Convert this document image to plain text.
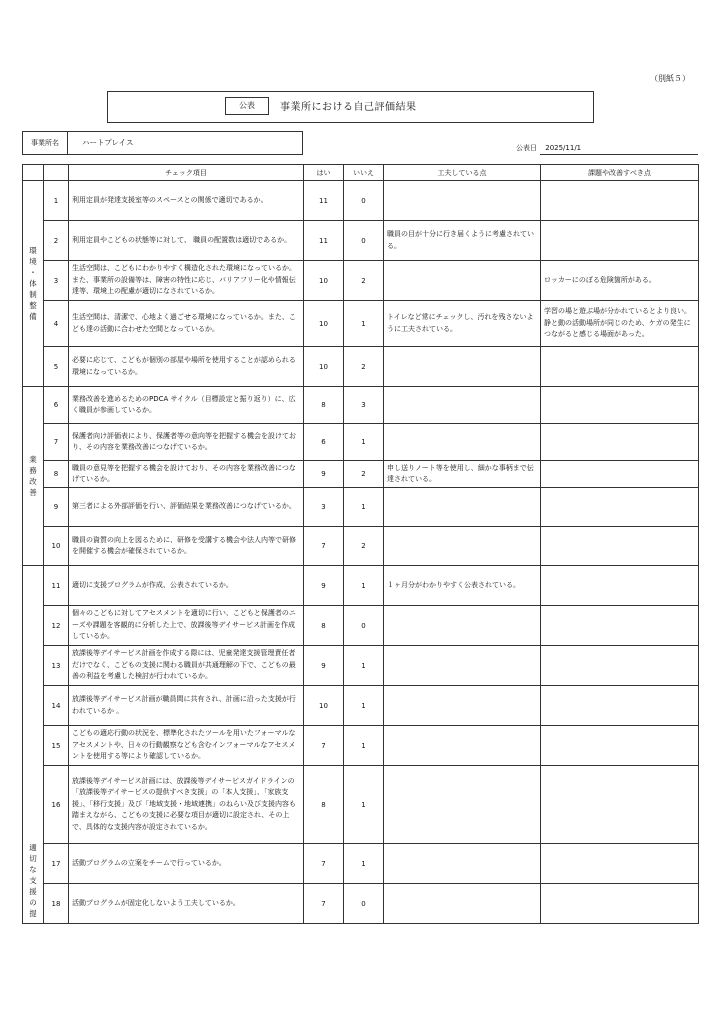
（別紙５）
公表	事業所における自己評価結果
事業所名	ハートプレイス
公表日 2025/11/1
		チェック項目	はい	いいえ	工夫している点	課題や改善すべき点
環境・体制整備	1	利用定員が発達支援室等のスペースとの関係で適切であるか。	11	0		
	2	利用定員やこどもの状態等に対して、 職員の配置数は適切であるか。	11	0	職員の目が十分に行き届くように考慮されている。	
	3	生活空間は、こどもにわかりやすく構造化された環境になっているか。また、事業所の設備等は、障害の特性に応じ、バリアフリー化や情報伝達等、環境上の配慮が適切になされているか。	10	2		ロッカーにのぼる危険箇所がある。
	4	生活空間は、清潔で、心地よく過ごせる環境になっているか。また、こども達の活動に合わせた空間となっているか。	10	1	トイレなど常にチェックし、汚れを残さないように工夫されている。	学習の場と遊ぶ場が分かれているとより良い。静と動の活動場所が同じのため、ケガの発生につながると感じる場面があった。
	5	必要に応じて、こどもが個別の部屋や場所を使用することが認められる環境になっているか。	10	2		
業務改善	6	業務改善を進めるためのPDCA サイクル（目標設定と振り返り）に、広く職員が参画しているか。	8	3		
	7	保護者向け評価表により、保護者等の意向等を把握する機会を設けており、その内容を業務改善につなげているか。	6	1		
	8	職員の意見等を把握する機会を設けており、その内容を業務改善につなげているか。	9	2	申し送りノート等を使用し、細かな事柄まで伝達されている。	
	9	第三者による外部評価を行い、評価結果を業務改善につなげているか。	3	1		
	10	職員の資質の向上を図るために、研修を受講する機会や法人内等で研修を開催する機会が確保されているか。	7	2		
適切な支援の提	11	適切に支援プログラムが作成、公表されているか。	9	1	１ヶ月分がわかりやすく公表されている。	
	12	個々のこどもに対してアセスメントを適切に行い、こどもと保護者のニーズや課題を客観的に分析した上で、放課後等デイサービス計画を作成しているか。	8	0		
	13	放課後等デイサービス計画を作成する際には、児童発達支援管理責任者だけでなく、こどもの支援に関わる職員が共通理解の下で、こどもの最善の利益を考慮した検討が行われているか。	9	1		
	14	放課後等デイサービス計画が職員間に共有され、計画に沿った支援が行われているか 。	10	1		
	15	こどもの適応行動の状況を、標準化されたツールを用いたフォーマルなアセスメントや、日々の行動観察なども含むインフォーマルなアセスメントを使用する等により確認しているか。	7	1		
	16	放課後等デイサービス計画には、放課後等デイサービスガイドラインの「放課後等デイサービスの提供すべき支援」の「本人支援」、「家族支援」、「移行支援」及び「地域支援・地域連携」のねらい及び支援内容も踏まえながら、こどもの支援に必要な項目が適切に設定され、その上で、具体的な支援内容が設定されているか。	8	1		
	17	活動プログラムの立案をチームで行っているか。	7	1		
	18	活動プログラムが固定化しないよう工夫しているか。	7	0		
